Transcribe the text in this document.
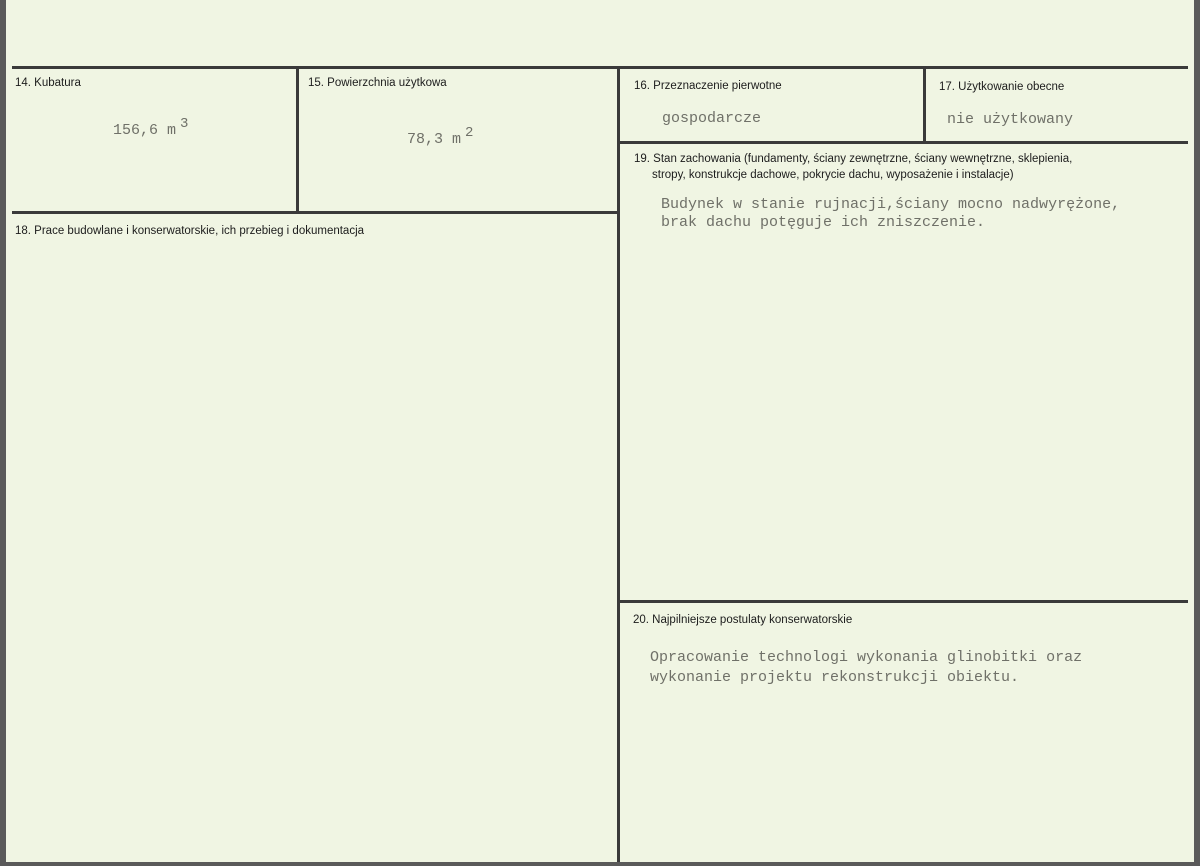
14. Kubatura
156,6 m 3
15. Powierzchnia użytkowa
78,3 m 2
16. Przeznaczenie pierwotne
gospodarcze
17. Użytkowanie obecne
nie użytkowany
18. Prace budowlane i konserwatorskie, ich przebieg i dokumentacja
19. Stan zachowania (fundamenty, ściany zewnętrzne, ściany wewnętrzne, sklepienia,
stropy, konstrukcje dachowe, pokrycie dachu, wyposażenie i instalacje)
Budynek w stanie rujnacji,ściany mocno nadwyrężone,
brak dachu potęguje ich zniszczenie.
20. Najpilniejsze postulaty konserwatorskie
Opracowanie technologi wykonania glinobitki oraz
wykonanie projektu rekonstrukcji obiektu.
